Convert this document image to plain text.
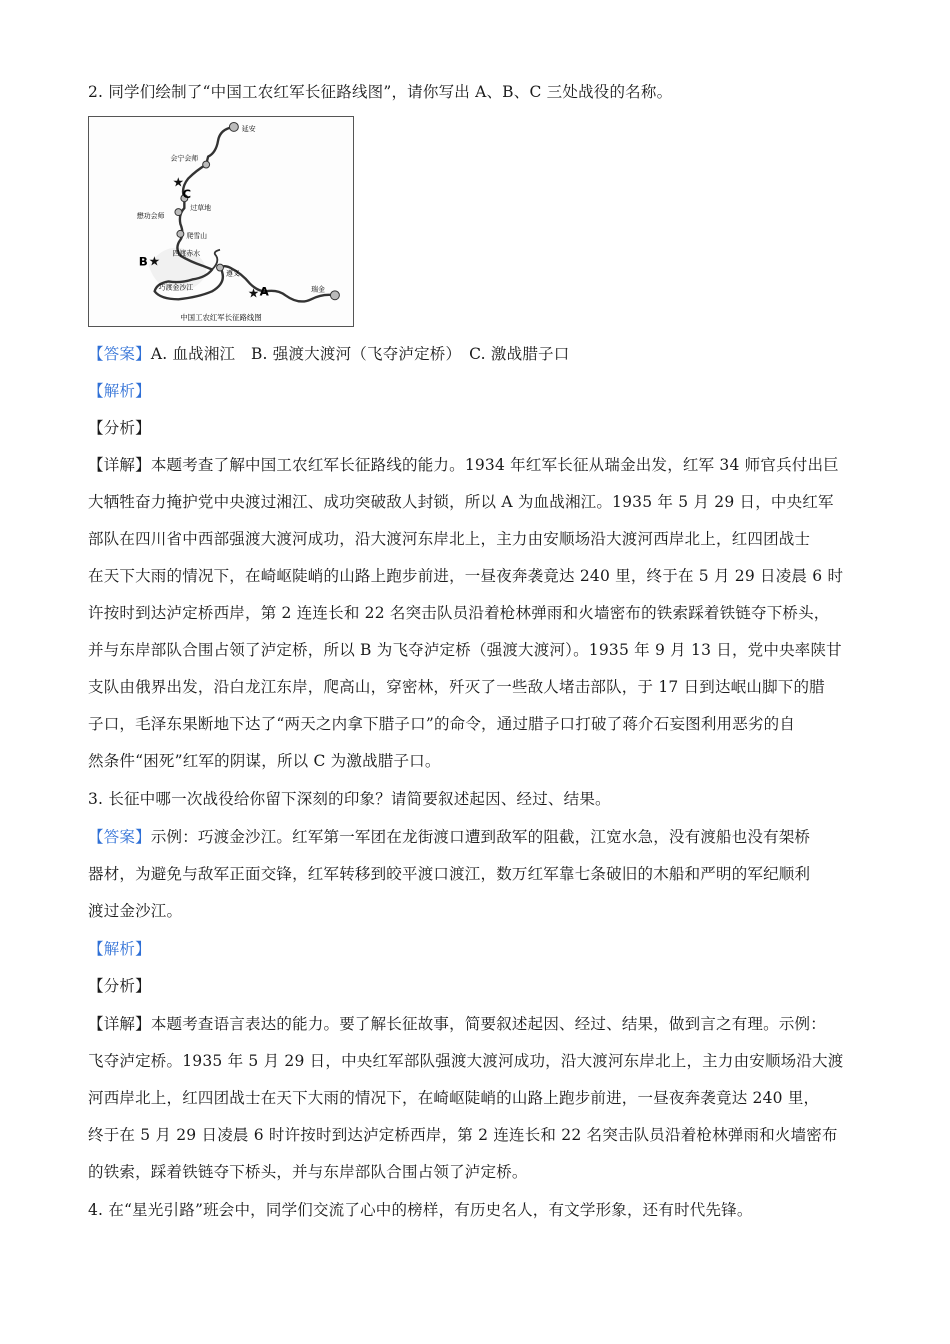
2. 同学们绘制了“中国工农红军长征路线图”，请你写出 A、B、C 三处战役的名称。
★
★
★
延安
会宁会师
C
过草地
懋功会师
爬雪山
四渡赤水
B
遵义
巧渡金沙江	A	瑞金
中国工农红军长征路线图
【答案】A. 血战湘江　B. 强渡大渡河（飞夺泸定桥）　C. 激战腊子口
【解析】
【分析】
【详解】本题考查了解中国工农红军长征路线的能力。1934 年红军长征从瑞金出发，红军 34 师官兵付出巨
大牺牲奋力掩护党中央渡过湘江、成功突破敌人封锁，所以 A 为血战湘江。1935 年 5 月 29 日，中央红军
部队在四川省中西部强渡大渡河成功，沿大渡河东岸北上，主力由安顺场沿大渡河西岸北上，红四团战士
在天下大雨的情况下，在崎岖陡峭的山路上跑步前进，一昼夜奔袭竟达 240 里，终于在 5 月 29 日凌晨 6 时
许按时到达泸定桥西岸，第 2 连连长和 22 名突击队员沿着枪林弹雨和火墙密布的铁索踩着铁链夺下桥头，
并与东岸部队合围占领了泸定桥，所以 B 为飞夺泸定桥（强渡大渡河）。1935 年 9 月 13 日，党中央率陕甘
支队由俄界出发，沿白龙江东岸，爬高山，穿密林，歼灭了一些敌人堵击部队，于 17 日到达岷山脚下的腊
子口，毛泽东果断地下达了“两天之内拿下腊子口”的命令，通过腊子口打破了蒋介石妄图利用恶劣的自
然条件“困死”红军的阴谋，所以 C 为激战腊子口。
3. 长征中哪一次战役给你留下深刻的印象？请简要叙述起因、经过、结果。
【答案】示例：巧渡金沙江。红军第一军团在龙街渡口遭到敌军的阻截，江宽水急，没有渡船也没有架桥
器材，为避免与敌军正面交锋，红军转移到皎平渡口渡江，数万红军靠七条破旧的木船和严明的军纪顺利
渡过金沙江。
【解析】
【分析】
【详解】本题考查语言表达的能力。要了解长征故事，简要叙述起因、经过、结果，做到言之有理。示例：
飞夺泸定桥。1935 年 5 月 29 日，中央红军部队强渡大渡河成功，沿大渡河东岸北上，主力由安顺场沿大渡
河西岸北上，红四团战士在天下大雨的情况下，在崎岖陡峭的山路上跑步前进，一昼夜奔袭竟达 240 里，
终于在 5 月 29 日凌晨 6 时许按时到达泸定桥西岸，第 2 连连长和 22 名突击队员沿着枪林弹雨和火墙密布
的铁索，踩着铁链夺下桥头，并与东岸部队合围占领了泸定桥。
4. 在“星光引路”班会中，同学们交流了心中的榜样，有历史名人，有文学形象，还有时代先锋。
